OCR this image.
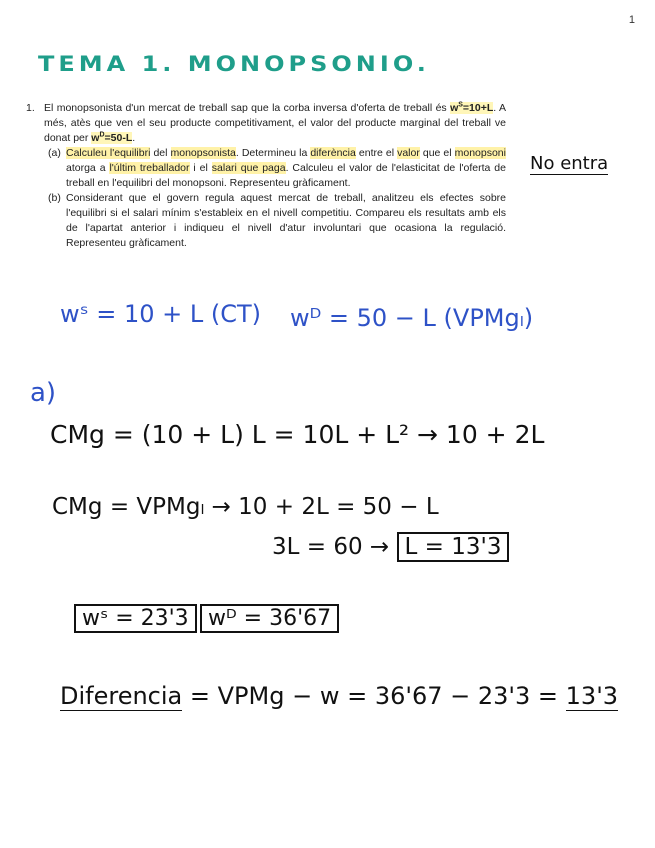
1
TEMA 1. MONOPSONIO.
1. El monopsonista d'un mercat de treball sap que la corba inversa d'oferta de treball és $w^S=10+L$. A més, atès que ven el seu producte competitivament, el valor del producte marginal del treball ve donat per $w^D=50-L$.

(a) Calculeu l'equilibri del monopsonista. Determineu la diferència entre el valor que el monopsoni atorga a l'últim treballador i el salari que paga. Calculeu el valor de l'elasticitat de l'oferta de treball en l'equilibri del monopsoni. Representeu gràficament.
(b) Considerant que el govern regula aquest mercat de treball, analitzeu els efectes sobre l'equilibri si el salari mínim s'estableix en el nivell competitiu. Compareu els resultats amb els de l'apartat anterior i indiqueu el nivell d'atur involuntari que ocasiona la regulació. Representeu gràficament.
No entra
wˢ = 10 + L (CT) wᴰ = 50 − L (VPMgₗ)
a)
CMg = (10 + L) L = 10L + L² → 10 + 2L
CMg = VPMgₗ → 10 + 2L = 50 − L
3L = 60 → L = 13'3
wˢ = 23'3 wᴰ = 36'67
Diferencia = VPMg − w = 36'67 − 23'3 = 13'3
